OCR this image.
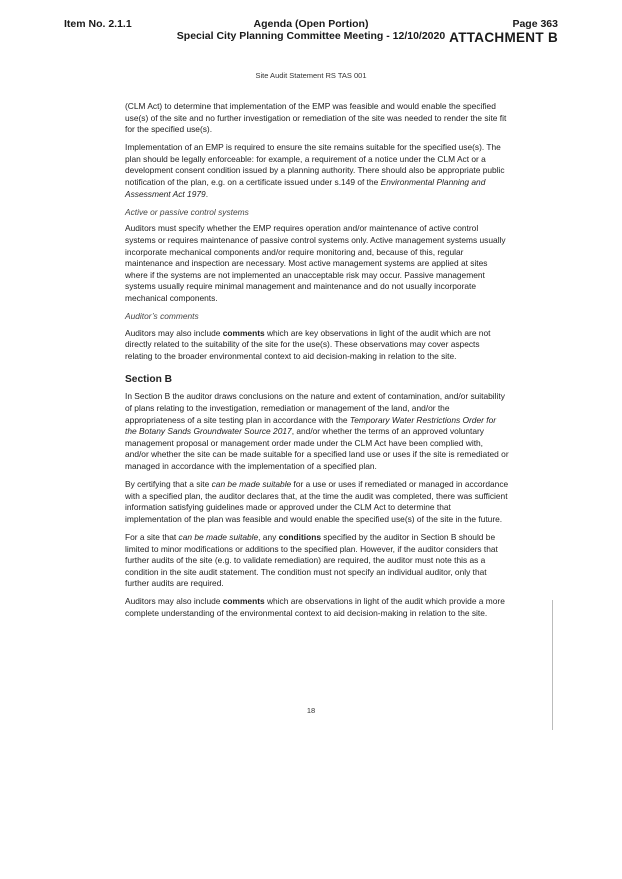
Item No. 2.1.1	Agenda (Open Portion)
Special City Planning Committee Meeting - 12/10/2020
Page 363
ATTACHMENT B
Site Audit Statement RS TAS 001

(CLM Act) to determine that implementation of the EMP was feasible and would enable the specified use(s) of the site and no further investigation or remediation of the site was needed to render the site fit for the specified use(s).

Implementation of an EMP is required to ensure the site remains suitable for the specified use(s). The plan should be legally enforceable: for example, a requirement of a notice under the CLM Act or a development consent condition issued by a planning authority. There should also be appropriate public notification of the plan, e.g. on a certificate issued under s.149 of the Environmental Planning and Assessment Act 1979.

Active or passive control systems

Auditors must specify whether the EMP requires operation and/or maintenance of active control systems or requires maintenance of passive control systems only. Active management systems usually incorporate mechanical components and/or require monitoring and, because of this, regular maintenance and inspection are necessary. Most active management systems are applied at sites where if the systems are not implemented an unacceptable risk may occur. Passive management systems usually require minimal management and maintenance and do not usually incorporate mechanical components.

Auditor’s comments

Auditors may also include comments which are key observations in light of the audit which are not directly related to the suitability of the site for the use(s). These observations may cover aspects relating to the broader environmental context to aid decision-making in relation to the site.

Section B

In Section B the auditor draws conclusions on the nature and extent of contamination, and/or suitability of plans relating to the investigation, remediation or management of the land, and/or the appropriateness of a site testing plan in accordance with the Temporary Water Restrictions Order for the Botany Sands Groundwater Source 2017, and/or whether the terms of an approved voluntary management proposal or management order made under the CLM Act have been complied with, and/or whether the site can be made suitable for a specified land use or uses if the site is remediated or managed in accordance with the implementation of a specified plan.

By certifying that a site can be made suitable for a use or uses if remediated or managed in accordance with a specified plan, the auditor declares that, at the time the audit was completed, there was sufficient information satisfying guidelines made or approved under the CLM Act to determine that implementation of the plan was feasible and would enable the specified use(s) of the site in the future.

For a site that can be made suitable, any conditions specified by the auditor in Section B should be limited to minor modifications or additions to the specified plan. However, if the auditor considers that further audits of the site (e.g. to validate remediation) are required, the auditor must note this as a condition in the site audit statement. The condition must not specify an individual auditor, only that further audits are required.

Auditors may also include comments which are observations in light of the audit which provide a more complete understanding of the environmental context to aid decision-making in relation to the site.

18
